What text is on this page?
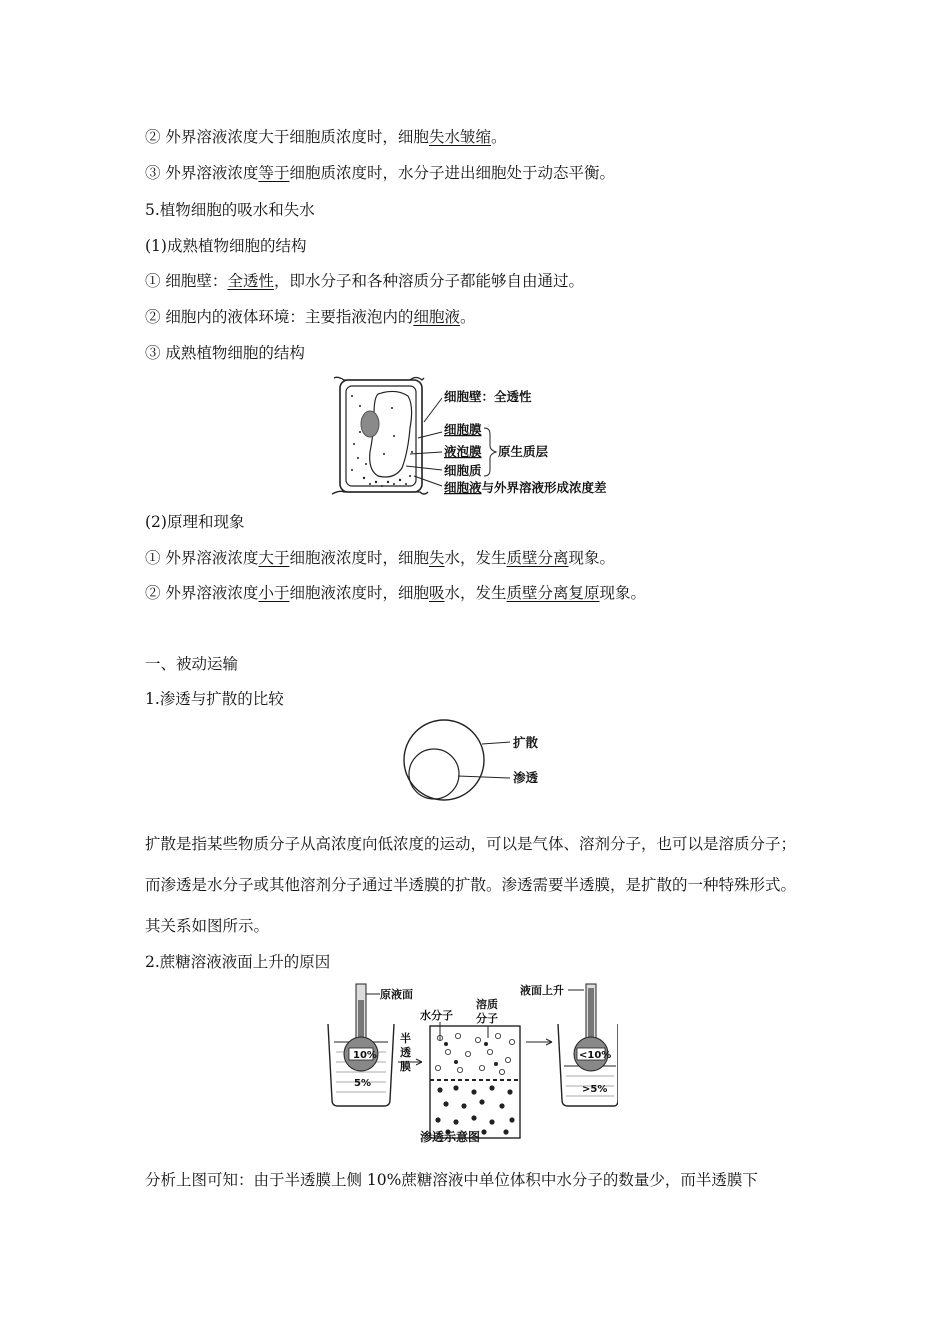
② 外界溶液浓度大于细胞质浓度时，细胞失水皱缩。
③ 外界溶液浓度等于细胞质浓度时，水分子进出细胞处于动态平衡。
5.植物细胞的吸水和失水
(1)成熟植物细胞的结构
① 细胞壁：全透性，即水分子和各种溶质分子都能够自由通过。
② 细胞内的液体环境：主要指液泡内的细胞液。
③ 成熟植物细胞的结构
细胞壁：全透性
细胞膜
液泡膜 原生质层
细胞质
细胞液与外界溶液形成浓度差
(2)原理和现象
① 外界溶液浓度大于细胞液浓度时，细胞失水，发生质壁分离现象。
② 外界溶液浓度小于细胞液浓度时，细胞吸水，发生质壁分离复原现象。
一、被动运输
1.渗透与扩散的比较
扩散
渗透
扩散是指某些物质分子从高浓度向低浓度的运动，可以是气体、溶剂分子，也可以是溶质分子；而渗透是水分子或其他溶剂分子通过半透膜的扩散。渗透需要半透膜，是扩散的一种特殊形式。其关系如图所示。
2.蔗糖溶液液面上升的原因
10%
5%
原液面
半
透
膜
水分子
溶质
分子
<10%
>5%
液面上升
渗透示意图
分析上图可知：由于半透膜上侧 10%蔗糖溶液中单位体积中水分子的数量少，而半透膜下
